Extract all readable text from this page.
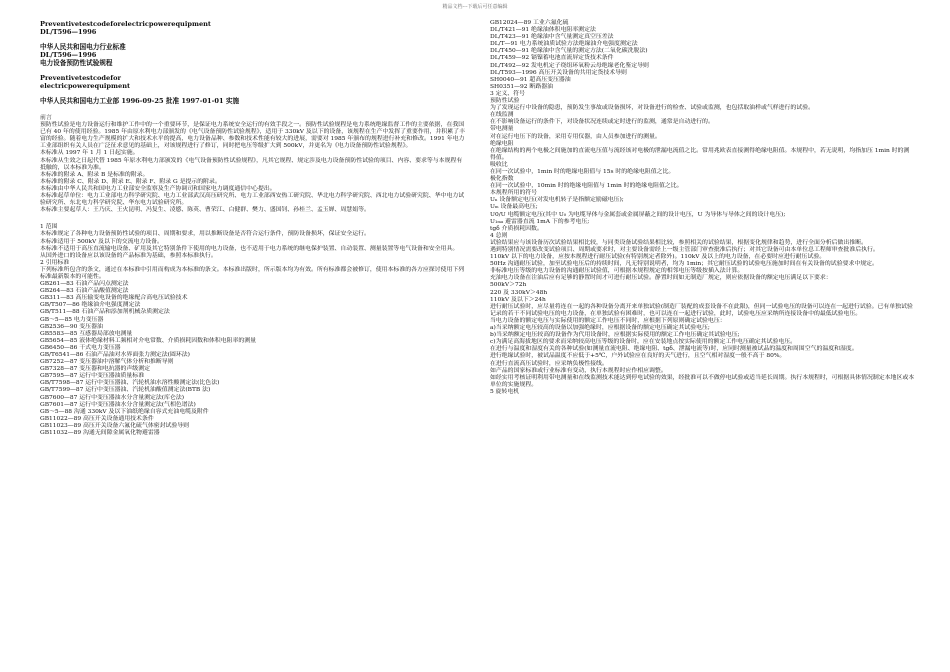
精品文档---下载后可任意编辑
Preventivetestcodeforelectricpowerequipment
DL/T596—1996
中华人民共和国电力行业标准
DL/T596—1996
电力设备预防性试验规程
Preventivetestcodefor
electricpowerequipment
中华人民共和国电力工业部 1996-09-25 批准 1997-01-01 实施
前言
预防性试验是电力设备运行和维护工作中的一个重要环节，是保证电力系统安全运行的有效手段之一。预防性试验规程是电力系统绝缘监督工作的主要依据，在我国已有 40 年的使用经验。1985 年由原水利电力部颁发的《电气设备预防性试验规程》，适用于 330kV 及以下的设备，该规程在生产中发挥了重要作用，并积累了丰富的经验。随着电力生产规模的扩大和技术水平的提高，电力设备品种、参数和技术性能有较大的进展，需要对 1985 年颁布的规程进行补充和修改。1991 年电力工业部组织有关人员在广泛征求意见的基础上，对该规程进行了修订，同时把电压等级扩大到 500kV，并更名为《电力设备预防性试验规程》。
本标准从 1997 年 1 月 1 日起实施。
本标准从生效之日起代替 1985 年原水利电力部颁发的《电气设备预防性试验规程》，凡其它规程、规定涉及电力设备预防性试验的项目、内容、要求等与本规程有抵触的，以本标准为准。
本标准的附录 A、附录 B 是标准的附录。
本标准的附录 C、附录 D、附录 E、附录 F、附录 G 是提示的附录。
本标准由中华人民共和国电力工业部安全监察及生产协调司和国家电力调度通信中心提出。
本标准起草单位：电力工业部电力科学研究院、电力工业部武汉高压研究所、电力工业部西安热工研究院、华北电力科学研究院、西北电力试验研究院、华中电力试验研究所、东北电力科学研究院、华东电力试验研究所。
本标准主要起草人：王乃庆、王火昆明、冯复生、凌愍、陈英、曹荣江、白健群、樊力、盛国钊、孙桂兰、孟玉婵、周慧娟等。
1 范围
本标准规定了各种电力设备预防性试验的项目、周期和要求，用以推断设备是否符合运行条件，预防设备损坏，保证安全运行。
本标准适用于 500kV 及以下的交流电力设备。
本标准不适用于高压直流输电设备、矿用及其它特别条件下使用的电力设备，也不适用于电力系统的继电保护装置、自动装置、测量装置等电气设备和安全用具。
从国外进口的设备应以该设备的产品标准为基础，参照本标准执行。
2 引用标准
下列标准所包含的条文，通过在本标准中引用而构成为本标准的条文。本标准出版时，所示版本均为有效。所有标准都会被修订，使用本标准的各方应探讨使用下列标准最新版本的可能性。
GB261—83 石油产品闪点测定法
GB264—83 石油产品酸值测定法
GB311—83 高压输变电设备的绝缘配合高电压试验技术
GB/T507—86 绝缘油介电强度测定法
GB/T511—88 石油产品和添加剂机械杂质测定法
GB～5—85 电力变压器
GB2536—90 变压器油
GB5583—85 互感器局部放电测量
GB5654—85 液体绝缘材料工频相对介电常数、介质损耗因数和体积电阻率的测量
GB6450—86 干式电力变压器
GB/T6541—86 石油产品油对水界面张力测定法(圆环法)
GB7252—87 变压器油中溶解气体分析和推断导则
GB7328—87 变压器和电抗器的声级测定
GB7595—87 运行中变压器油质量标准
GB/T7598—87 运行中变压器油、汽轮机油水溶性酸测定法(比色法)
GB/T7599—87 运行中变压器油、汽轮机油酸值测定法(BTB 法)
GB7600—87 运行中变压器油水分含量测定法(库仑法)
GB7601—87 运行中变压器油水分含量测定法(气相色谱法)
GB～5—88 沟通 330kV 及以下油纸绝缘自容式充油电缆及附件
GB11022—89 高压开关设备通用技术条件
GB11023—89 高压开关设备六氟化硫气体密封试验导则
GB11032—89 沟通无间隙金属氧化物避雷器
GB12024—89 工业六氟化硫
DL/T421—91 绝缘油体积电阻率测定法
DL/T423—91 绝缘油中含气量测定真空压差法
DL/T—91 电力系统油质试验方法绝缘油介电强度测定法
DL/T450—91 绝缘油中含气量的测定方法(二氧化碳洗脱法)
DL/T459—92 镉镍蓄电池直流屏定货技术条件
DL/T492—92 发电机定子绕组环氧粉云母绝缘老化鉴定导则
DL/T593—1996 高压开关设备的共用定货技术导则
SH0040—91 超高压变压器油
SH0351—92 断路器油
3 定义、符号
预防性试验
为了发现运行中设备的隐患，预防发生事故或设备损坏，对设备进行的检查、试验或监测，也包括取油样或气样进行的试验。
在线监测
在不影响设备运行的条件下，对设备状况连续或定时进行的监测，通常是自动进行的。
带电测量
对在运行电压下的设备，采用专用仪器，由人员参加进行的测量。
绝缘电阻
在绝缘结构的两个电极之间施加的直流电压值与流经该对电极的泄漏电流值之比。常用兆欧表直接测得绝缘电阻值。本规程中，若无说明，均指加压 1min 时的测得值。
吸收比
在同一次试验中，1min 时的绝缘电阻值与 15s 时的绝缘电阻值之比。
极化指数
在同一次试验中，10min 时的绝缘电阻值与 1min 时的绝缘电阻值之比。
本规程所用的符号
Uₙ 设备额定电压(对发电机转子是指额定励磁电压);
Uₘ 设备最高电压;
U0/U 电缆额定电压(其中 U₀ 为电缆导体与金属套或金属屏蔽之间的设计电压，U 为导体与导体之间的设计电压);
U₁ₘₐ 避雷器直流 1mA 下的参考电压;
tgδ 介质损耗因数。
4 总则
试验结果应与该设备历次试验结果相比较，与同类设备试验结果相比较，参照相关的试验结果，根据变化规律和趋势，进行全面分析后做出推断。
遇到特别情况需要改变试验项目、周期或要求时，对主要设备需经上一级主管部门审查批准后执行；对其它设备可由本单位总工程师审查批准后执行。
110kV 以下的电力设备，应按本规程进行耐压试验(有特别规定者除外)。110kV 及以上的电力设备，在必要时应进行耐压试验。
50Hz 沟通耐压试验，加至试验电压后的持续时间，凡无特别说明者，均为 1min；其它耐压试验的试验电压施加时间在有关设备的试验要求中规定。
非标准电压等级的电力设备的沟通耐压试验值，可根据本规程规定的相邻电压等级按插入法计算。
充油电力设备在注油后应有足够的静置时间才可进行耐压试验。静置时间如无制造厂规定，则应依据设备的额定电压满足以下要求：
500kV＞72h
220 及 330kV＞48h
110kV 及以下＞24h
进行耐压试验时，应尽量将连在一起的各种设备分离开来单独试验(制造厂装配的成套设备不在此限)，但同一试验电压的设备可以连在一起进行试验。已有单独试验记录的若干不同试验电压的电力设备，在单独试验有困难时，也可以连在一起进行试验，此时，试验电压应采纳所连接设备中的最低试验电压。
当电力设备的额定电压与实际使用的额定工作电压不同时，应根据下列原则确定试验电压：
a)当采纳额定电压较高的设备以加强绝缘时，应根据设备的额定电压确定其试验电压;
b)当采纳额定电压较高的设备作为代用设备时，应根据实际使用的额定工作电压确定其试验电压;
c)为满足高海拔地区的要求而采纳较高电压等级的设备时，应在安装地点按实际使用的额定工作电压确定其试验电压。
在进行与温度和湿度有关的各种试验(如测量直流电阻、绝缘电阻、tgδ、泄漏电流等)时，应同时测量被试品的温度和周围空气的温度和湿度。
进行绝缘试验时，被试品温度不应低于+5℃，户外试验应在良好的天气进行，且空气相对湿度一般不高于 80%。
在进行直流高压试验时，应采纳负极性接线。
如产品的国家标准或行业标准有变动，执行本规程时应作相应调整。
如经实用考核证明利用带电测量和在线监测技术能达到停电试验的效果，经批准可以不做停电试验或适当延长周期。执行本规程时，可根据具体情况制定本地区或本单位的实施规程。
5 旋转电机
